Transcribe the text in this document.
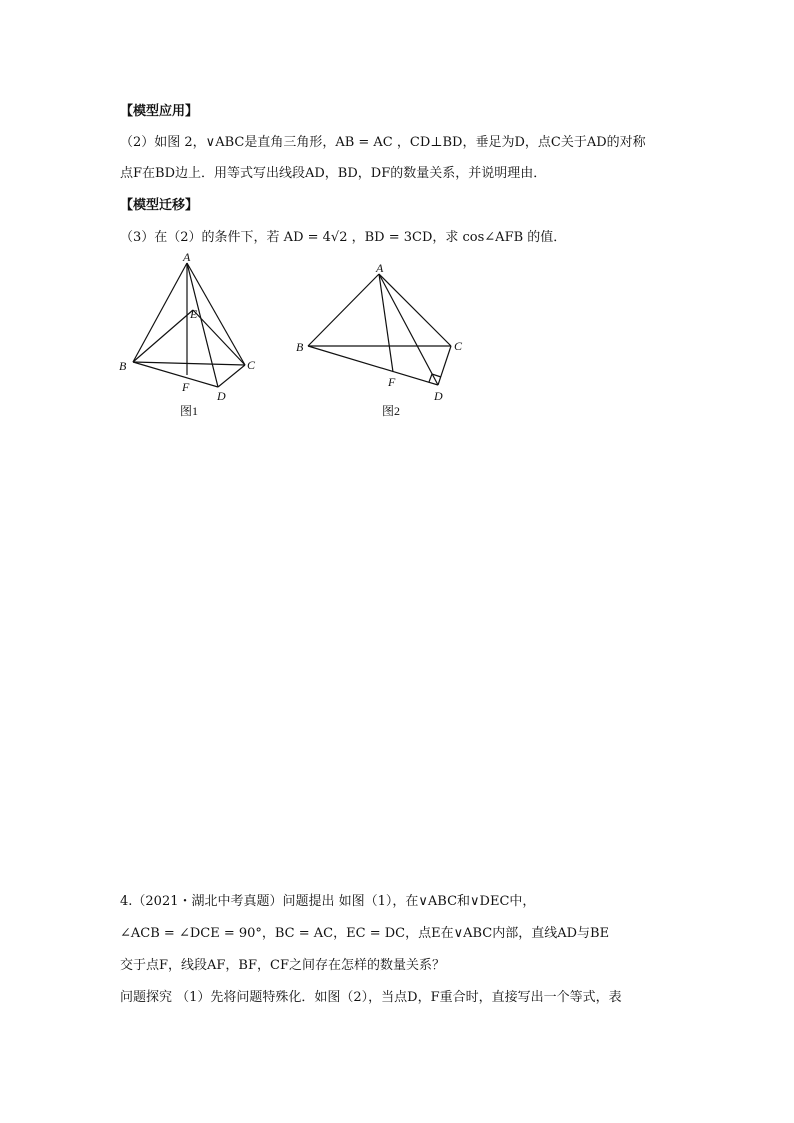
【模型应用】
（2）如图 2，∨ABC是直角三角形，AB = AC ，CD⊥BD，垂足为D，点C关于AD的对称
点F在BD边上．用等式写出线段AD，BD，DF的数量关系，并说明理由．
【模型迁移】
（3）在（2）的条件下，若 AD = 4√2 ，BD = 3CD，求 cos∠AFB 的值．
A
B	C
D
E
F
图1
A
B	C
D
F
图2
4.（2021・湖北中考真题）问题提出 如图（1），在∨ABC和∨DEC中，
∠ACB = ∠DCE = 90°，BC = AC，EC = DC，点E在∨ABC内部，直线AD与BE
交于点F，线段AF，BF，CF之间存在怎样的数量关系？
问题探究 （1）先将问题特殊化．如图（2），当点D，F重合时，直接写出一个等式，表
